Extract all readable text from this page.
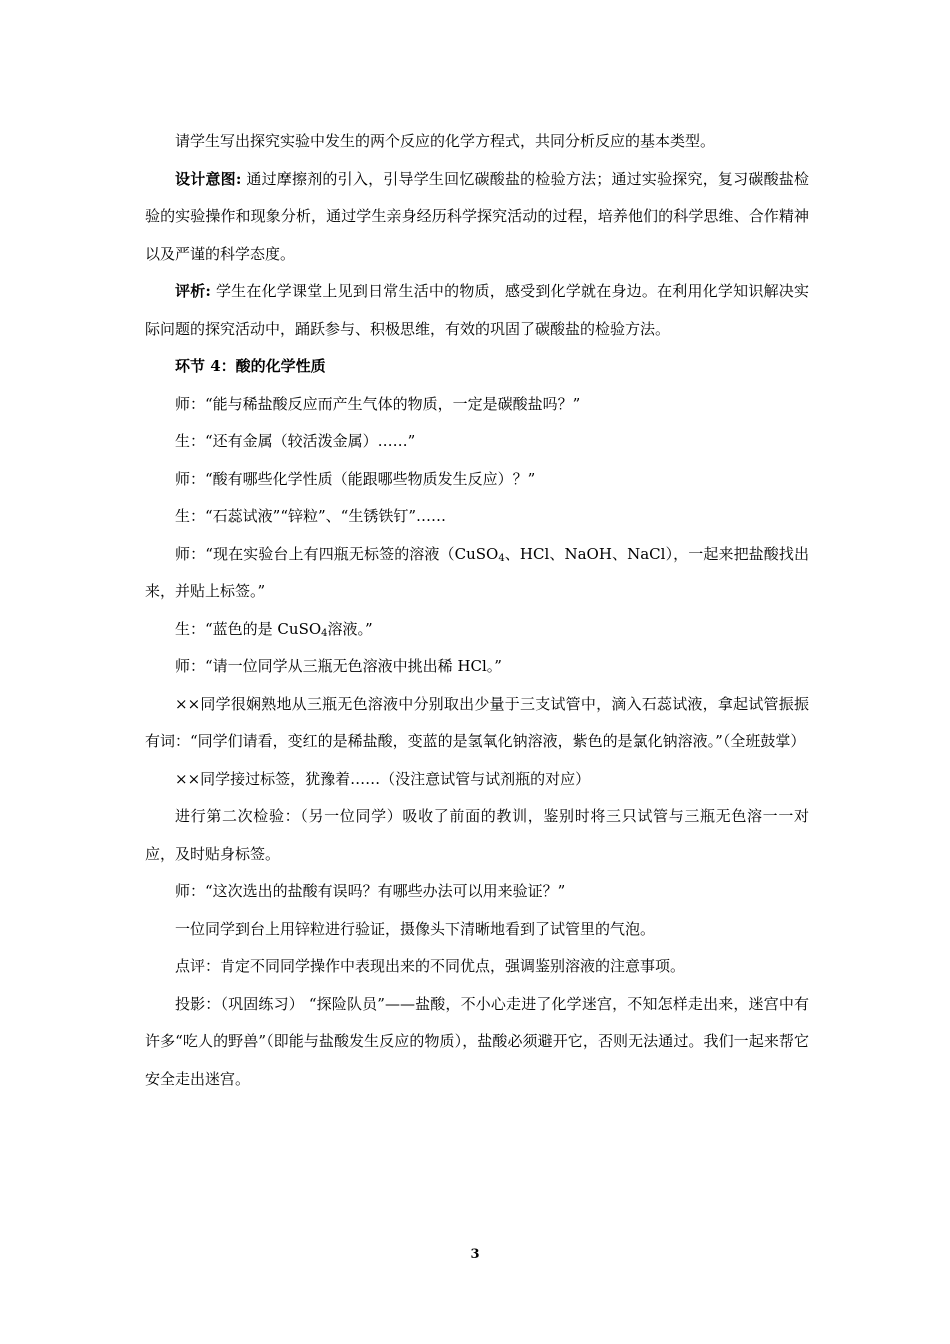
请学生写出探究实验中发生的两个反应的化学方程式，共同分析反应的基本类型。

设计意图: 通过摩擦剂的引入，引导学生回忆碳酸盐的检验方法；通过实验探究，复习碳酸盐检验的实验操作和现象分析，通过学生亲身经历科学探究活动的过程，培养他们的科学思维、合作精神以及严谨的科学态度。

评析: 学生在化学课堂上见到日常生活中的物质，感受到化学就在身边。在利用化学知识解决实际问题的探究活动中，踊跃参与、积极思维，有效的巩固了碳酸盐的检验方法。

环节 4：酸的化学性质

师：“能与稀盐酸反应而产生气体的物质，一定是碳酸盐吗？”

生：“还有金属（较活泼金属）……”

师：“酸有哪些化学性质（能跟哪些物质发生反应）？”

生：“石蕊试液”“锌粒”、“生锈铁钉”……

师：“现在实验台上有四瓶无标签的溶液（CuSO$_4$、HCl、NaOH、NaCl），一起来把盐酸找出来，并贴上标签。”

生：“蓝色的是 CuSO$_4$溶液。”

师：“请一位同学从三瓶无色溶液中挑出稀 HCl。”

××同学很娴熟地从三瓶无色溶液中分别取出少量于三支试管中，滴入石蕊试液，拿起试管振振有词：“同学们请看，变红的是稀盐酸，变蓝的是氢氧化钠溶液，紫色的是氯化钠溶液。”（全班鼓掌）

××同学接过标签，犹豫着……（没注意试管与试剂瓶的对应）

进行第二次检验：（另一位同学）吸收了前面的教训，鉴别时将三只试管与三瓶无色溶一一对应，及时贴身标签。

师：“这次选出的盐酸有误吗？有哪些办法可以用来验证？”

一位同学到台上用锌粒进行验证，摄像头下清晰地看到了试管里的气泡。

点评：肯定不同同学操作中表现出来的不同优点，强调鉴别溶液的注意事项。

投影：（巩固练习） “探险队员”——盐酸，不小心走进了化学迷宫，不知怎样走出来，迷宫中有许多“吃人的野兽”（即能与盐酸发生反应的物质），盐酸必须避开它，否则无法通过。我们一起来帮它安全走出迷宫。

3
